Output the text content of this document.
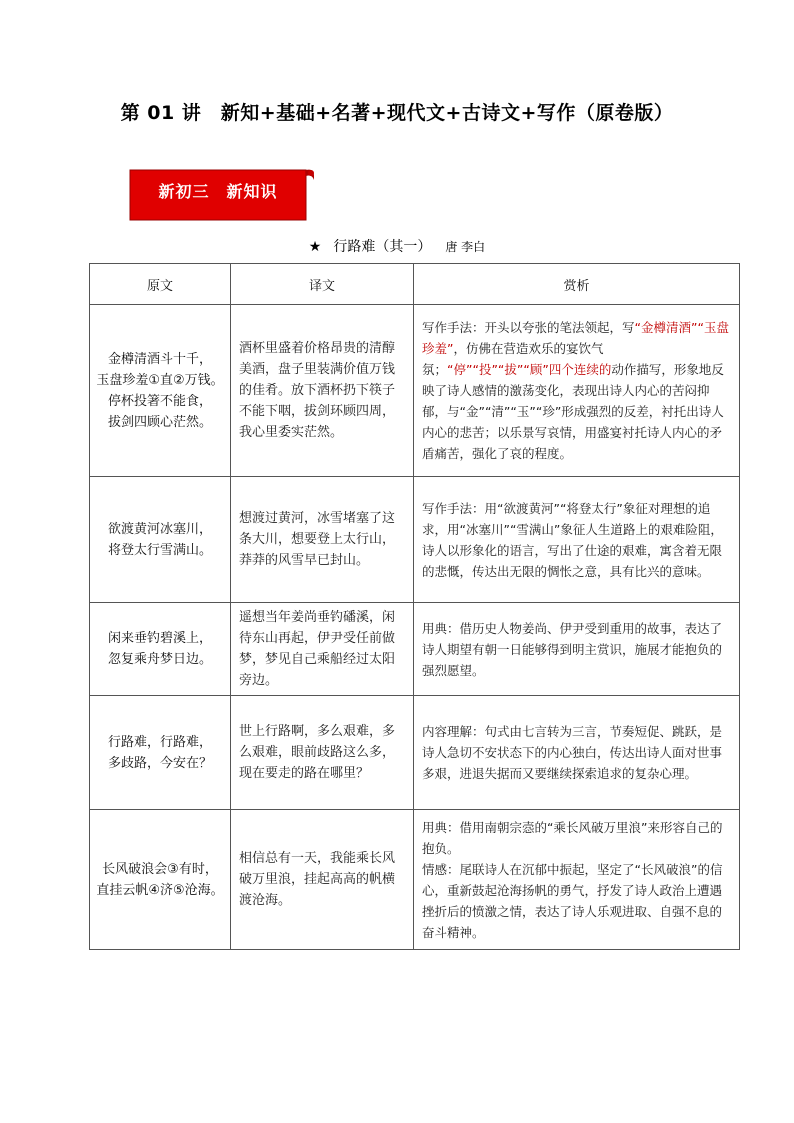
第 01 讲　新知+基础+名著+现代文+古诗文+写作（原卷版）
新初三　新知识
★ 行路难（其一） 唐 李白
原文	译文	赏析

金樽清酒斗十千，
玉盘珍羞①直②万钱。
停杯投箸不能食，
拔剑四顾心茫然。	酒杯里盛着价格昂贵的清醇美酒，盘子里装满价值万钱的佳肴。放下酒杯扔下筷子不能下咽，拔剑环顾四周，我心里委实茫然。	写作手法：开头以夸张的笔法领起，写“金樽清酒”“玉盘珍羞”，仿佛在营造欢乐的宴饮气氛；“停”“投”“拔”“顾”四个连续的动作描写，形象地反映了诗人感情的激荡变化，表现出诗人内心的苦闷抑郁，与“金”“清”“玉”“珍”形成强烈的反差，衬托出诗人内心的悲苦；以乐景写哀情，用盛宴衬托诗人内心的矛盾痛苦，强化了哀的程度。

欲渡黄河冰塞川，
将登太行雪满山。	想渡过黄河，冰雪堵塞了这条大川，想要登上太行山，莽莽的风雪早已封山。	写作手法：用“欲渡黄河”“将登太行”象征对理想的追求，用“冰塞川”“雪满山”象征人生道路上的艰难险阻，诗人以形象化的语言，写出了仕途的艰难，寓含着无限的悲慨，传达出无限的惆怅之意，具有比兴的意味。

闲来垂钓碧溪上，
忽复乘舟梦日边。	遥想当年姜尚垂钓磻溪，闲待东山再起，伊尹受任前做梦，梦见自己乘船经过太阳旁边。	用典：借历史人物姜尚、伊尹受到重用的故事，表达了诗人期望有朝一日能够得到明主赏识，施展才能抱负的强烈愿望。

行路难，行路难，
多歧路，今安在？	世上行路啊，多么艰难，多么艰难，眼前歧路这么多，现在要走的路在哪里？	内容理解：句式由七言转为三言，节奏短促、跳跃，是诗人急切不安状态下的内心独白，传达出诗人面对世事多艰，进退失据而又要继续探索追求的复杂心理。

长风破浪会③有时，
直挂云帆④济⑤沧海。	相信总有一天，我能乘长风破万里浪，挂起高高的帆横渡沧海。	用典：借用南朝宗悫的“乘长风破万里浪”来形容自己的抱负。
情感：尾联诗人在沉郁中振起，坚定了“长风破浪”的信心，重新鼓起沧海扬帆的勇气，抒发了诗人政治上遭遇挫折后的愤激之情，表达了诗人乐观进取、自强不息的奋斗精神。
